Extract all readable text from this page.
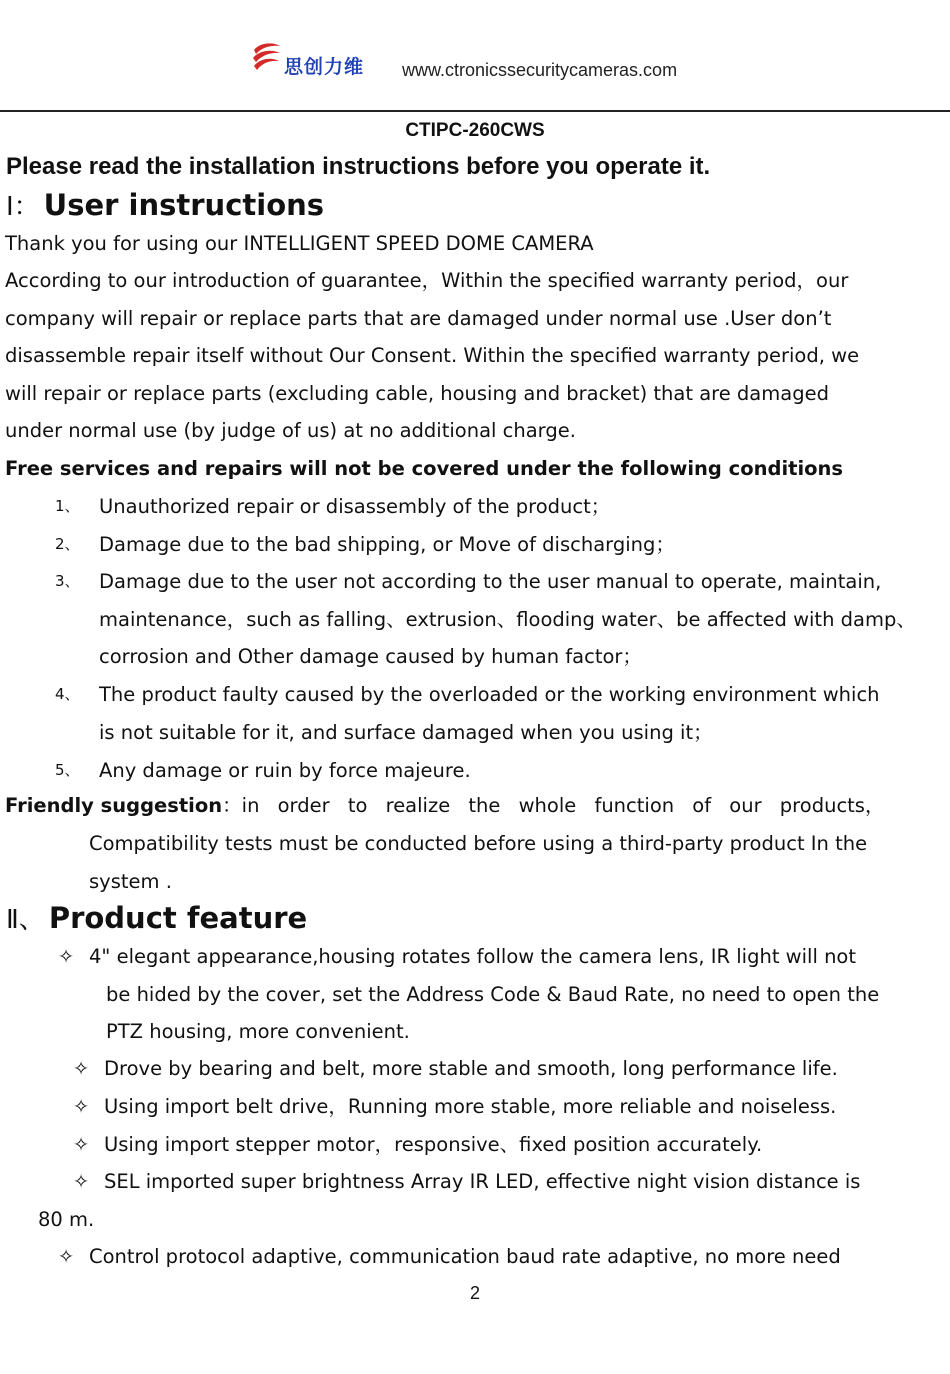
思创力维 www.ctronicssecuritycameras.com
CTIPC-260CWS
Please read the installation instructions before you operate it.
Ⅰ： User instructions
Thank you for using our INTELLIGENT SPEED DOME CAMERA
According to our introduction of guarantee，Within the specified warranty period，our
company will repair or replace parts that are damaged under normal use .User don’t
disassemble repair itself without Our Consent. Within the specified warranty period, we
will repair or replace parts (excluding cable, housing and bracket) that are damaged
under normal use (by judge of us) at no additional charge.
Free services and repairs will not be covered under the following conditions
1、 Unauthorized repair or disassembly of the product；
2、 Damage due to the bad shipping, or Move of discharging；
3、 Damage due to the user not according to the user manual to operate, maintain,
maintenance，such as falling、extrusion、flooding water、be affected with damp、
corrosion and Other damage caused by human factor；
4、 The product faulty caused by the overloaded or the working environment which
is not suitable for it, and surface damaged when you using it；
5、 Any damage or ruin by force majeure.
Friendly suggestion：in order to realize the whole function of our products，
Compatibility tests must be conducted before using a third-party product In the
system .
Ⅱ、 Product feature
✧ 4" elegant appearance,housing rotates follow the camera lens, IR light will not
be hided by the cover, set the Address Code & Baud Rate, no need to open the
PTZ housing, more convenient.
✧ Drove by bearing and belt, more stable and smooth, long performance life.
✧ Using import belt drive，Running more stable, more reliable and noiseless.
✧ Using import stepper motor，responsive、fixed position accurately.
✧ SEL imported super brightness Array IR LED, effective night vision distance is
80 m.
✧ Control protocol adaptive, communication baud rate adaptive, no more need
2
